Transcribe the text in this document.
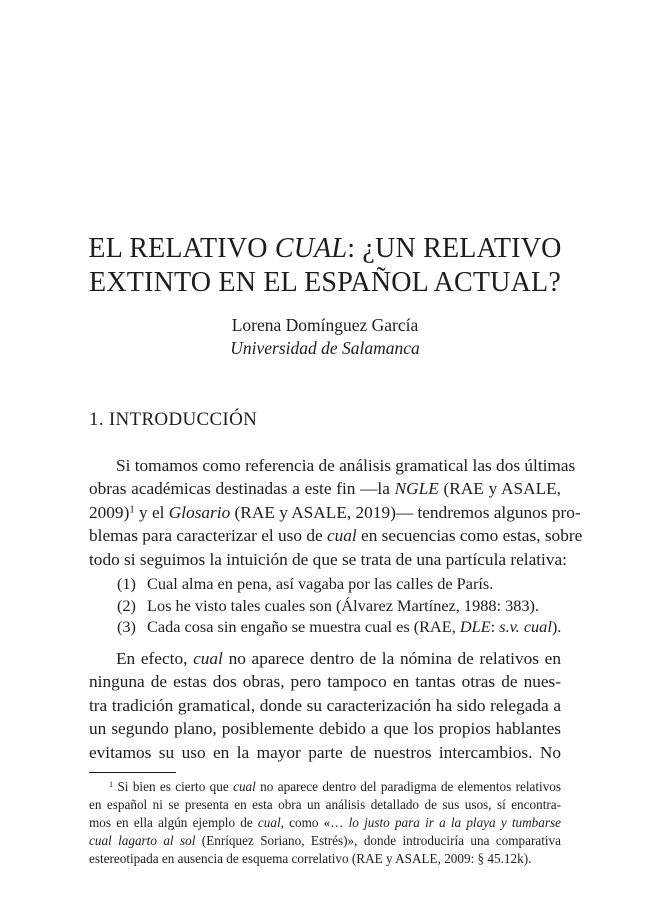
EL RELATIVO CUAL: ¿UN RELATIVO
EXTINTO EN EL ESPAÑOL ACTUAL?
Lorena Domínguez García
Universidad de Salamanca
1. INTRODUCCIÓN

Si tomamos como referencia de análisis gramatical las dos últimas
obras académicas destinadas a este fin —la NGLE (RAE y ASALE,
2009)$^1$ y el Glosario (RAE y ASALE, 2019)— tendremos algunos pro-
blemas para caracterizar el uso de cual en secuencias como estas, sobre
todo si seguimos la intuición de que se trata de una partícula relativa:

(1) Cual alma en pena, así vagaba por las calles de París.
(2) Los he visto tales cuales son (Álvarez Martínez, 1988: 383).
(3) Cada cosa sin engaño se muestra cual es (RAE, DLE: s.v. cual).

En efecto, cual no aparece dentro de la nómina de relativos en
ninguna de estas dos obras, pero tampoco en tantas otras de nues-
tra tradición gramatical, donde su caracterización ha sido relegada a
un segundo plano, posiblemente debido a que los propios hablantes
evitamos su uso en la mayor parte de nuestros intercambios. No

$^1$ Si bien es cierto que cual no aparece dentro del paradigma de elementos relativos
en español ni se presenta en esta obra un análisis detallado de sus usos, sí encontra-
mos en ella algún ejemplo de cual, como «… lo justo para ir a la playa y tumbarse
cual lagarto al sol (Enríquez Soriano, Estrés)», donde introduciría una comparativa
estereotipada en ausencia de esquema correlativo (RAE y ASALE, 2009: § 45.12k).
